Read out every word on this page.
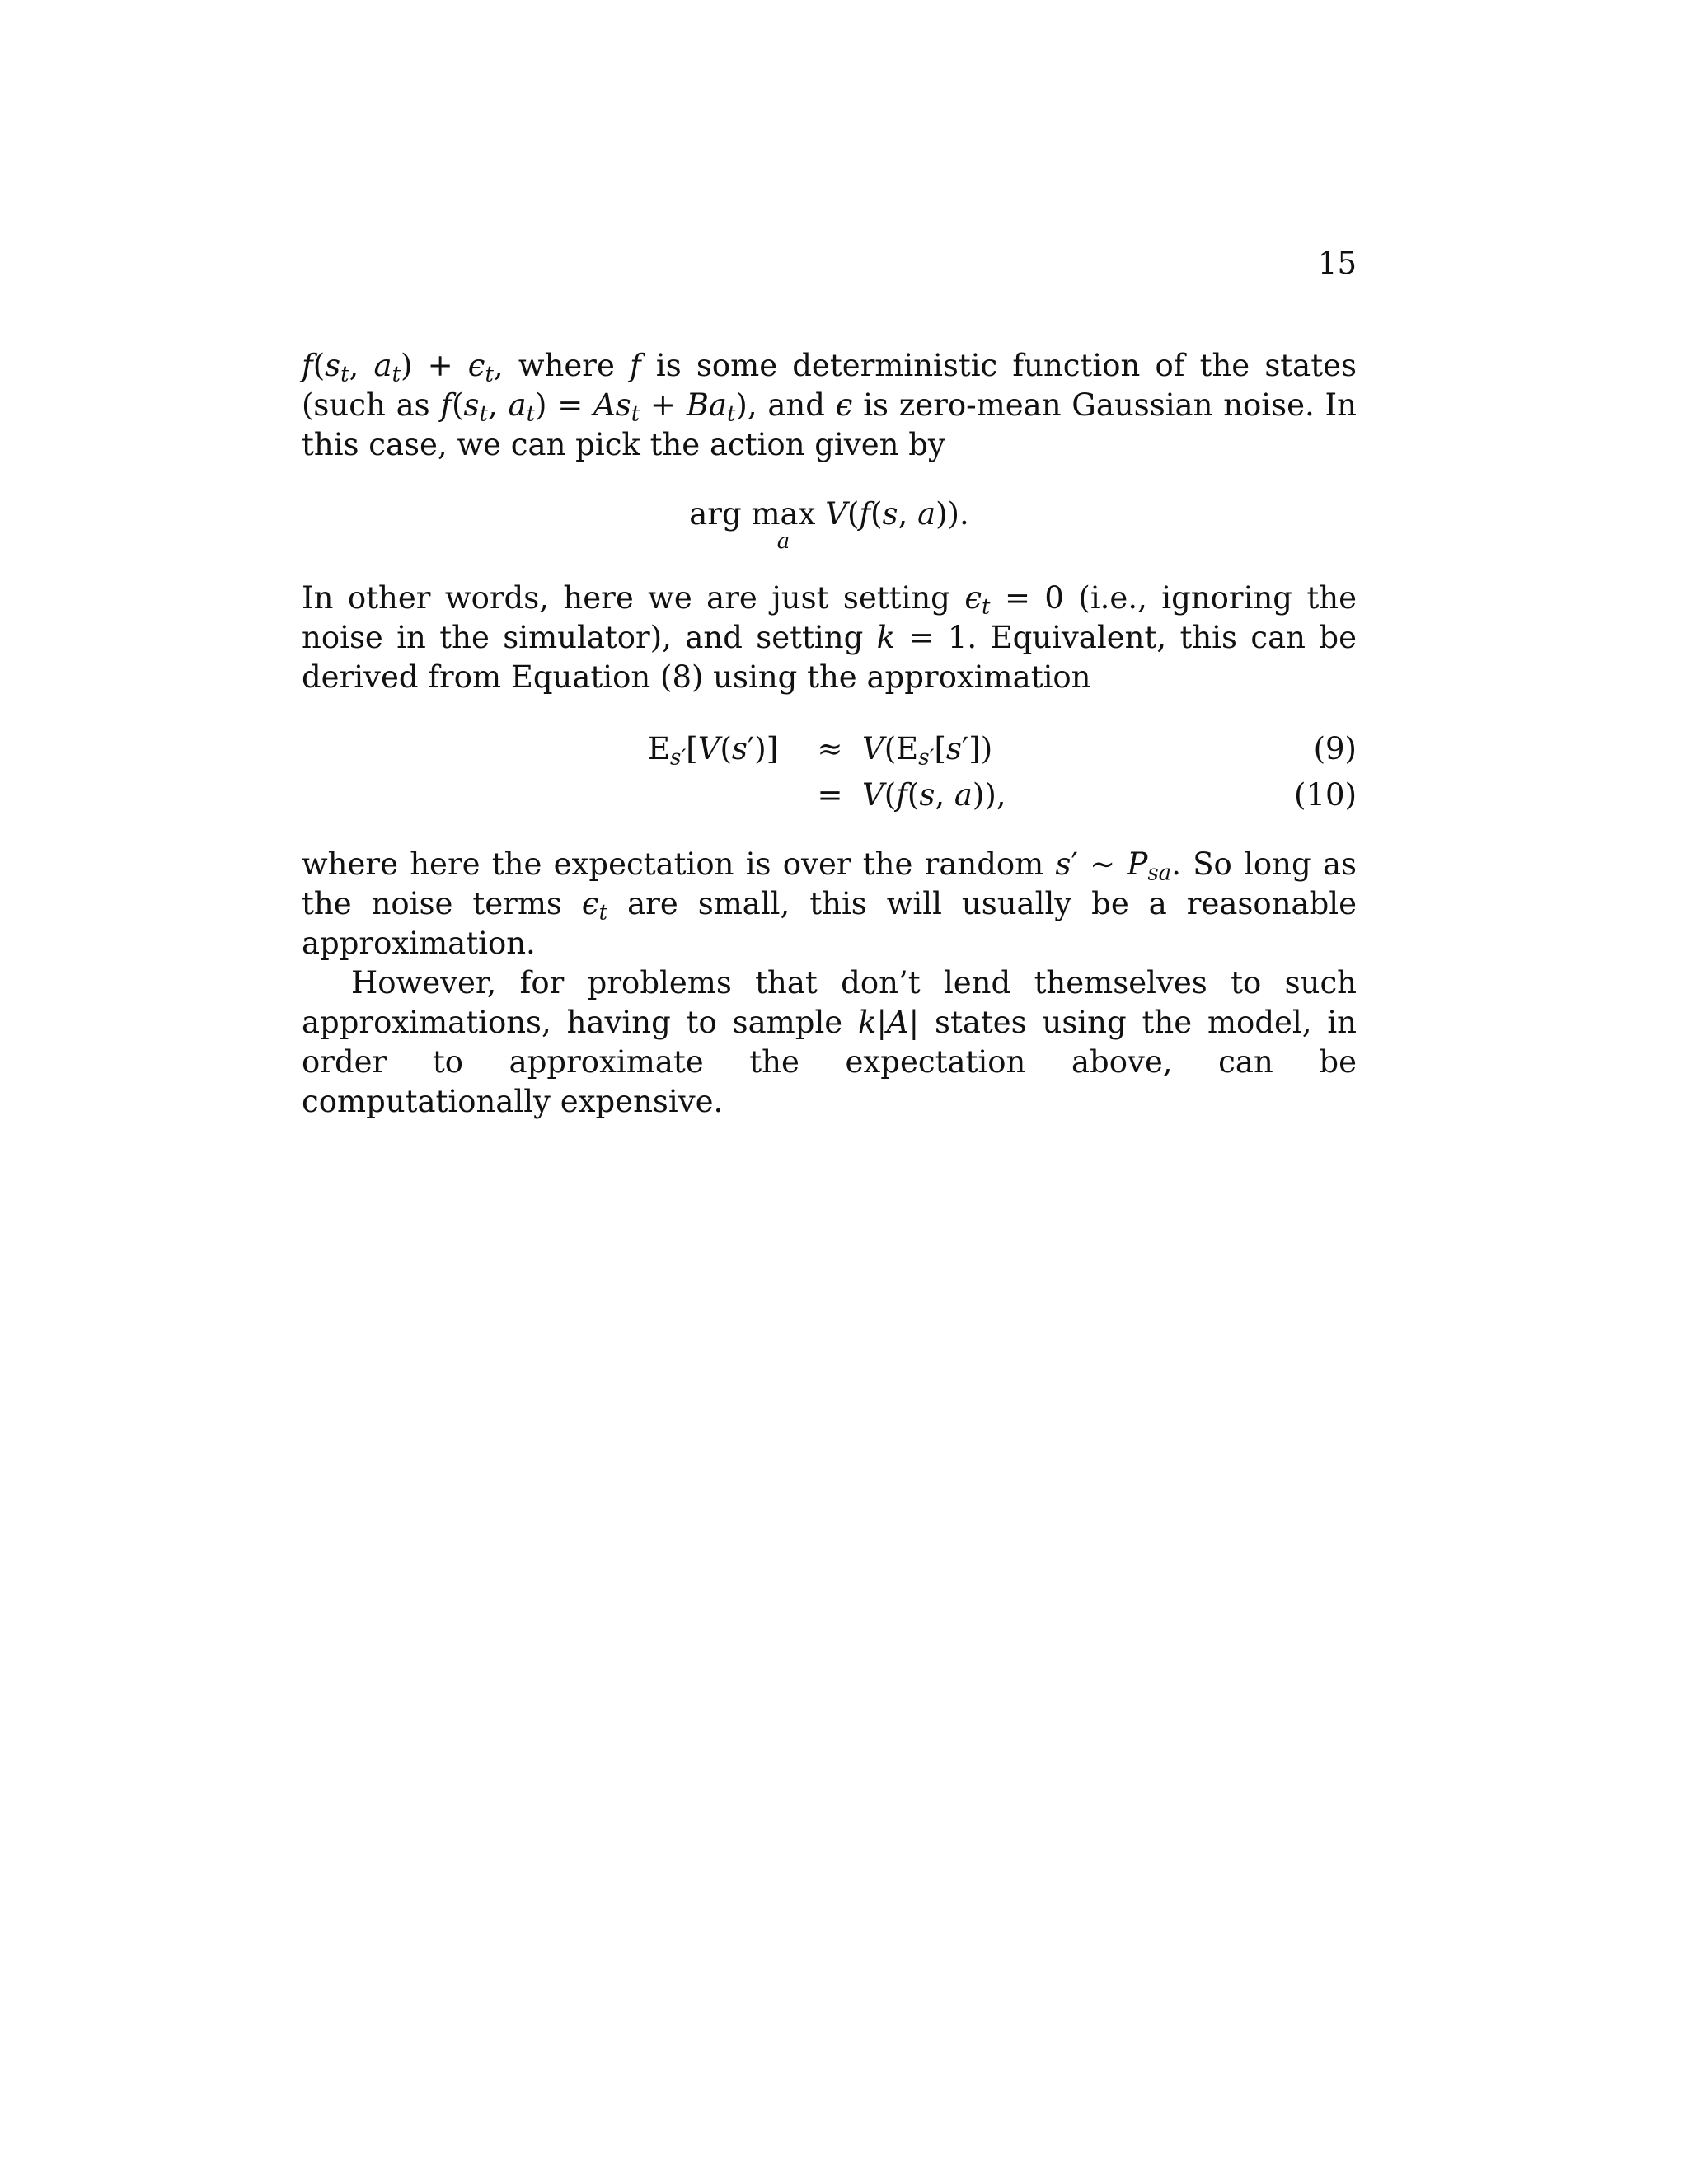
15

$f(s_t$, $a_t) + \epsilon_t$, where f is some deterministic function of the states (such as $f(s_t$, $a_t) = As_t + Ba_t$), and ϵ is zero-mean Gaussian noise. In this case, we can pick the action given by

arg max
a
V(f(s, a)).

In other words, here we are just setting $\epsilon_t = 0$ (i.e., ignoring the noise in the simulator), and setting k = 1. Equivalent, this can be derived from Equation (8) using the approximation

$E_{s'}[V(s')] \approx V(E_{s'}[s'])$	(9)
= V(f(s, a)),	(10)

where here the expectation is over the random s′ ∼ $P_{sa}$. So long as the noise terms $\epsilon_t$ are small, this will usually be a reasonable approximation.

However, for problems that don’t lend themselves to such approximations, having to sample k|A| states using the model, in order to approximate the expectation above, can be computationally expensive.
